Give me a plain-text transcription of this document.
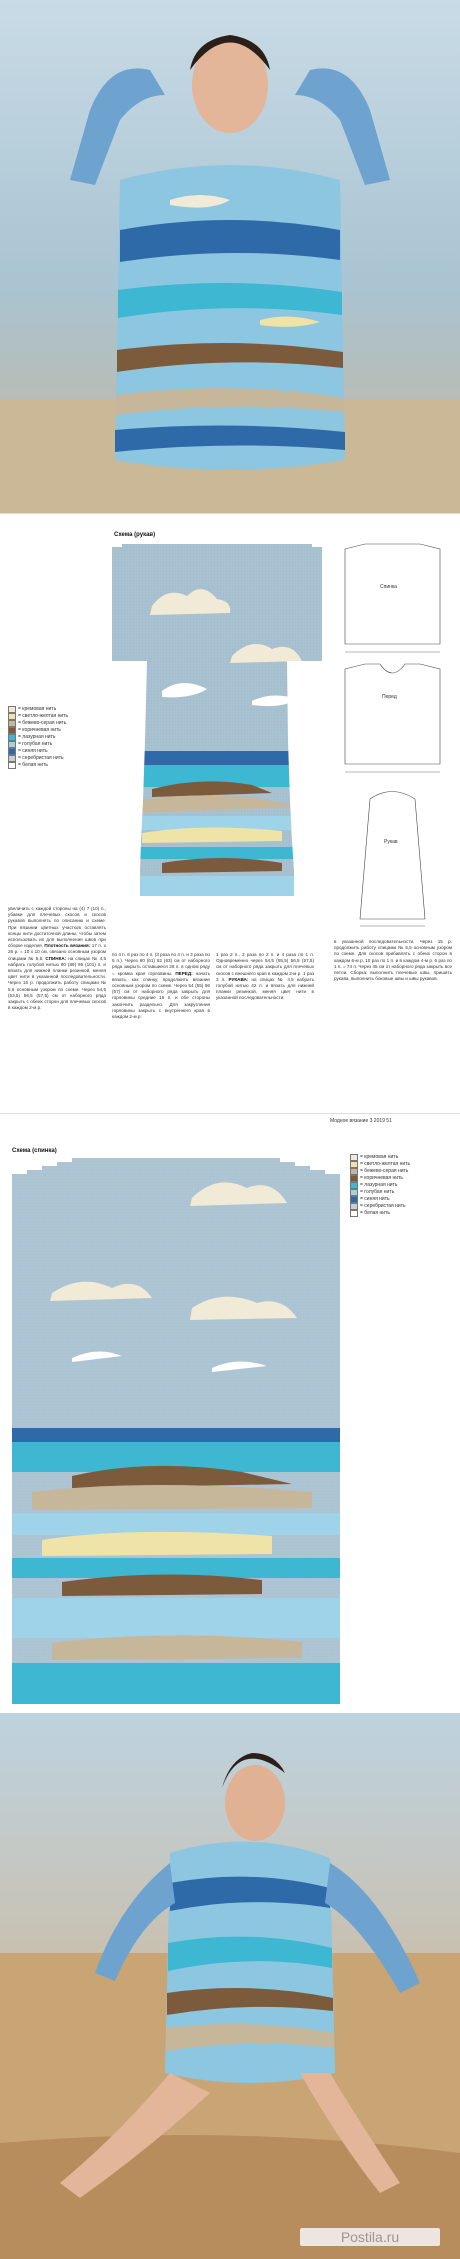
Схема (рукав)
= кремовая нить
= светло-желтая нить
= бежево-серая нить
= коричневая нить
= лазурная нить
= голубая нить
= синяя нить
= серебристая нить
= белая нить
Спинка
Перед
Рукав
увеличить с каждой стороны на (4) 7 (10) п., убавки для плечевых скосов и скосов рукавов выполнять по описанию и схеме. При вязании цветных участков оставлять концы нити достаточной длины, чтобы затем использовать их для выполнения швов при сборке изделия. Плотность вязания: 17 п. x 26 р. = 10 x 10 см, связано основным узором спицами № 5,5. СПИНКА: на спицах № 4,5 набрать голубой нитью 80 (89) 95 (101) п. и вязать для нижней планки резинкой, меняя цвет нити в указанной последовательности. Через 15 р. продолжить работу спицами № 5,5 основным узором по схеме. Через 54,5 (53,5) 56,5 (57,5) см от наборного ряда закрыть с обеих сторон для плечевых скосов в каждом 2-м р.
по 4 п. 6 раз по 4 п. (3 раза по 4 п. и 3 раза по 5 п.). Через 60 (61) 62 (63) см от наборного ряда закрыть оставшиеся 28 п. в одном ряду = кромка края горловины. ПЕРЕД: начать вязать, как спинку, продолжить вязание основным узором по схеме. Через 54 (55) 56 (57) см от наборного ряда закрыть для горловины средние 15 п. и обе стороны закончить раздельно. Для закругления горловины закрыть с внутреннего края в каждом 2-м р.
1 раз 2 п., 2 раза по 2 п. и 4 раза по 1 п. Одновременно через 54,5 (55,5) 56,5 (57,5) см от наборного ряда закрыть для плечевых скосов с внешнего края в каждом 2-м р. 1 раз 3 п. РУКАВА: на спицах № 4,5 набрать голубой нитью 42 п. и вязать для нижней планки резинкой, меняя цвет нити в указанной последовательности.
в указанной последовательности. Через 15 р. продолжить работу спицами № 5,5 основным узором по схеме. Для скосов прибавлять с обеих сторон в каждом 6-м р. 10 раз по 1 п. и в каждом 4-м р. 6 раз по 1 п. = 74 п. Через 45 см от наборного ряда закрыть все петли. Сборка: выполнить плечевые швы, пришить рукава, выполнить боковые швы и швы рукавов.
Модное вязание 3 2019 51
Схема (спинка)
= кремовая нить
= светло-желтая нить
= бежево-серая нить
= коричневая нить
= лазурная нить
= голубая нить
= синяя нить
= серебристая нить
= белая нить
Postila.ru
